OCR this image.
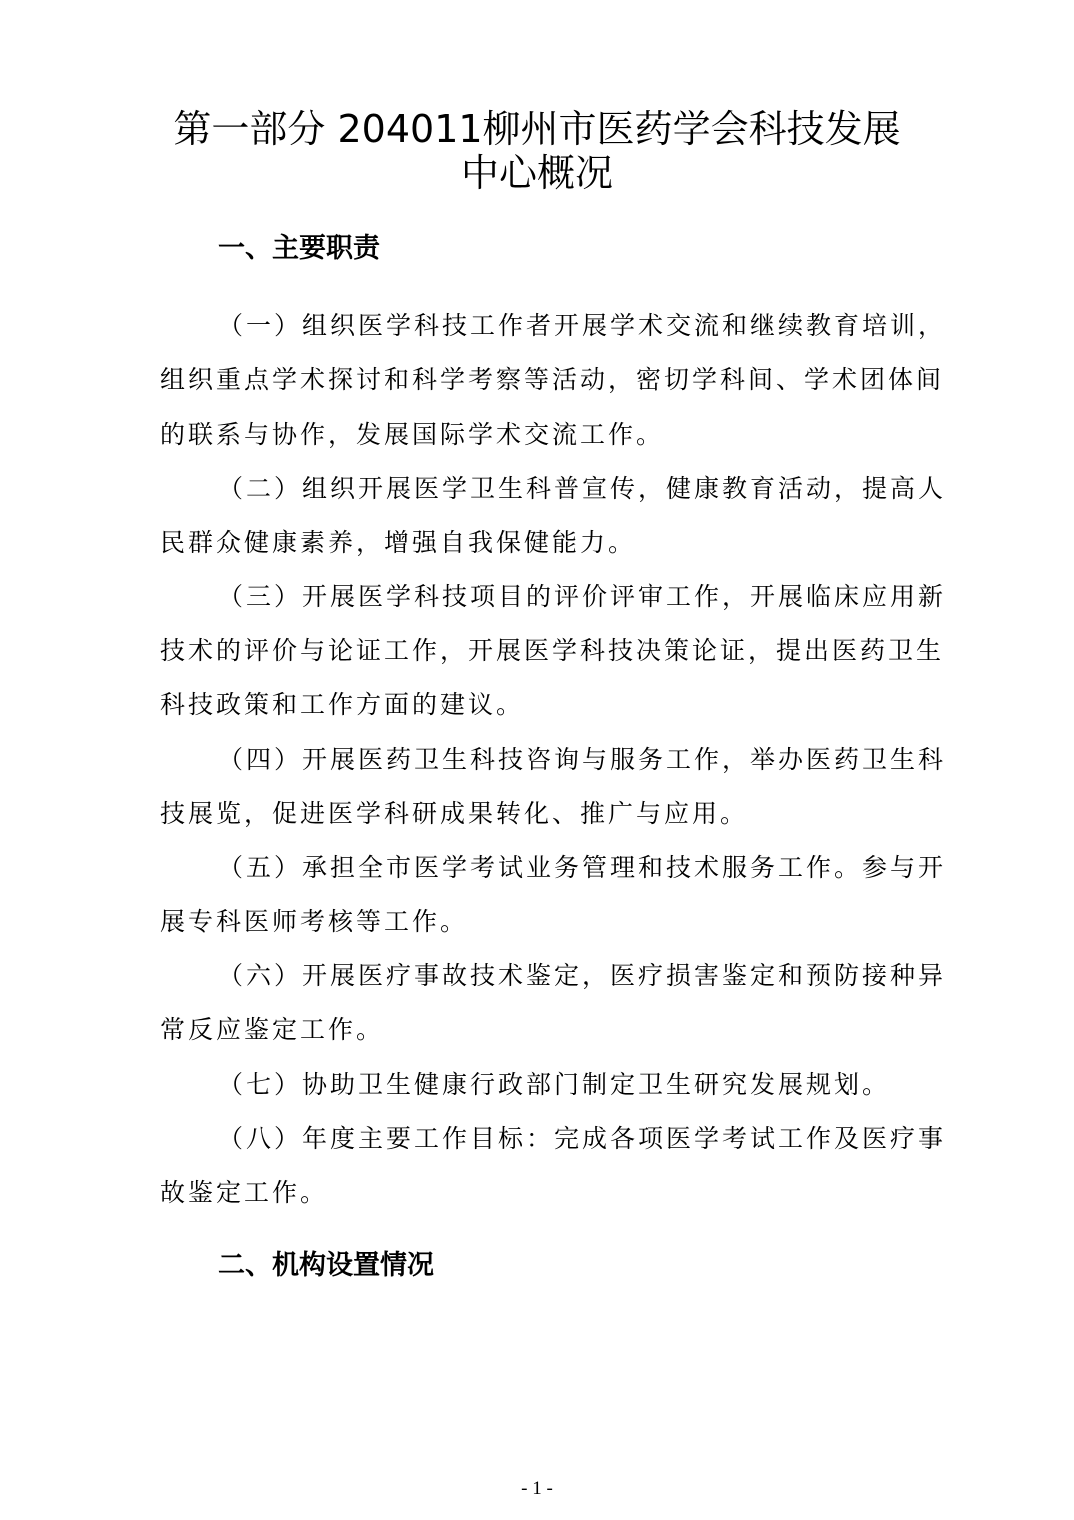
第一部分 204011柳州市医药学会科技发展
中心概况
一、主要职责

（一）组织医学科技工作者开展学术交流和继续教育培训，

组织重点学术探讨和科学考察等活动，密切学科间、学术团体间

的联系与协作，发展国际学术交流工作。

（二）组织开展医学卫生科普宣传，健康教育活动，提高人

民群众健康素养，增强自我保健能力。

（三）开展医学科技项目的评价评审工作，开展临床应用新

技术的评价与论证工作，开展医学科技决策论证，提出医药卫生

科技政策和工作方面的建议。

（四）开展医药卫生科技咨询与服务工作，举办医药卫生科

技展览，促进医学科研成果转化、推广与应用。

（五）承担全市医学考试业务管理和技术服务工作。参与开

展专科医师考核等工作。

（六）开展医疗事故技术鉴定，医疗损害鉴定和预防接种异

常反应鉴定工作。

（七）协助卫生健康行政部门制定卫生研究发展规划。

（八）年度主要工作目标：完成各项医学考试工作及医疗事

故鉴定工作。

二、机构设置情况
- 1 -
